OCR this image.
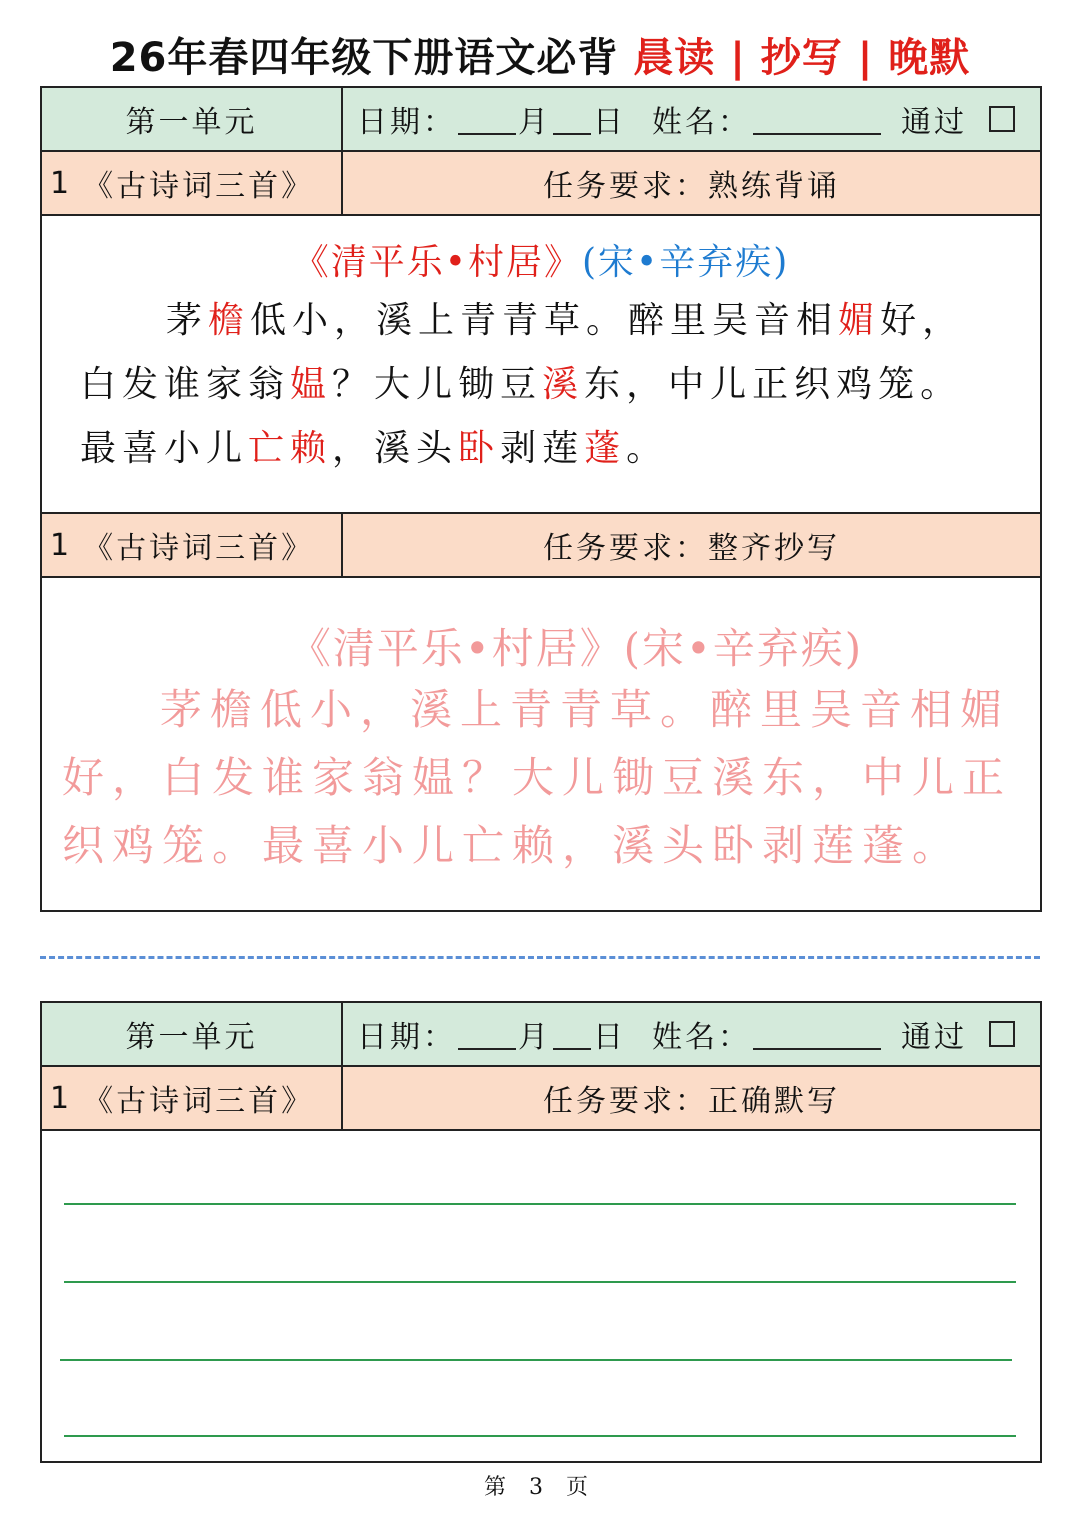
26年春四年级下册语文必背 晨读 | 抄写 | 晚默
第一单元	日期： 月 日 姓名：	通过
1 《古诗词三首》	任务要求：熟练背诵
《清平乐•村居》(宋•辛弃疾)
茅檐低小，溪上青青草。醉里吴音相媚好，
白发谁家翁媪？大儿锄豆溪东，中儿正织鸡笼。
最喜小儿亡赖，溪头卧剥莲蓬。
1 《古诗词三首》	任务要求：整齐抄写
《清平乐•村居》(宋•辛弃疾)
茅檐低小，溪上青青草。醉里吴音相媚
好，白发谁家翁媪？大儿锄豆溪东，中儿正
织鸡笼。最喜小儿亡赖，溪头卧剥莲蓬。
第一单元	日期： 月 日 姓名：	通过
1 《古诗词三首》	任务要求：正确默写
第 3 页
